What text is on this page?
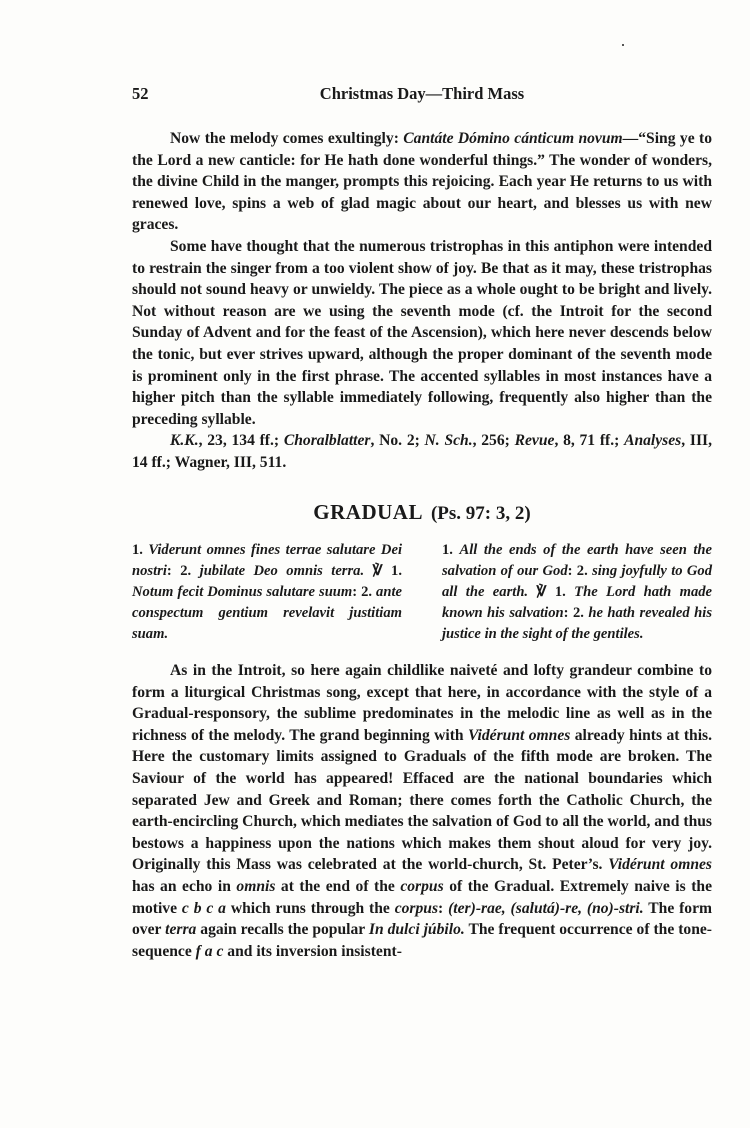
52	Christmas Day—Third Mass

Now the melody comes exultingly: Cantáte Dómino cánticum novum—“Sing ye to the Lord a new canticle: for He hath done wonderful things.” The wonder of wonders, the divine Child in the manger, prompts this rejoicing. Each year He returns to us with renewed love, spins a web of glad magic about our heart, and blesses us with new graces.

Some have thought that the numerous tristrophas in this antiphon were intended to restrain the singer from a too violent show of joy. Be that as it may, these tristrophas should not sound heavy or unwieldy. The piece as a whole ought to be bright and lively. Not without reason are we using the seventh mode (cf. the Introit for the second Sunday of Advent and for the feast of the Ascension), which here never descends below the tonic, but ever strives upward, although the proper dominant of the seventh mode is prominent only in the first phrase. The accented syllables in most instances have a higher pitch than the syllable immediately following, frequently also higher than the preceding syllable.

K.K., 23, 134 ff.; Choralblatter, No. 2; N. Sch., 256; Revue, 8, 71 ff.; Analyses, III, 14 ff.; Wagner, III, 511.

GRADUAL (Ps. 97: 3, 2)

1. Viderunt omnes fines terrae salutare Dei nostri: 2. jubilate Deo omnis terra. ℣ 1. Notum fecit Dominus salutare suum: 2. ante conspectum gentium revelavit justitiam suam.

1. All the ends of the earth have seen the salvation of our God: 2. sing joyfully to God all the earth. ℣ 1. The Lord hath made known his salvation: 2. he hath revealed his justice in the sight of the gentiles.

As in the Introit, so here again childlike naiveté and lofty grandeur combine to form a liturgical Christmas song, except that here, in accordance with the style of a Gradual-responsory, the sublime predominates in the melodic line as well as in the richness of the melody. The grand beginning with Vidérunt omnes already hints at this. Here the customary limits assigned to Graduals of the fifth mode are broken. The Saviour of the world has appeared! Effaced are the national boundaries which separated Jew and Greek and Roman; there comes forth the Catholic Church, the earth-encircling Church, which mediates the salvation of God to all the world, and thus bestows a happiness upon the nations which makes them shout aloud for very joy. Originally this Mass was celebrated at the world-church, St. Peter’s. Vidérunt omnes has an echo in omnis at the end of the corpus of the Gradual. Extremely naive is the motive c b c a which runs through the corpus: (ter)-rae, (salutá)-re, (no)-stri. The form over terra again recalls the popular In dulci júbilo. The frequent occurrence of the tone-sequence f a c and its inversion insistent-
